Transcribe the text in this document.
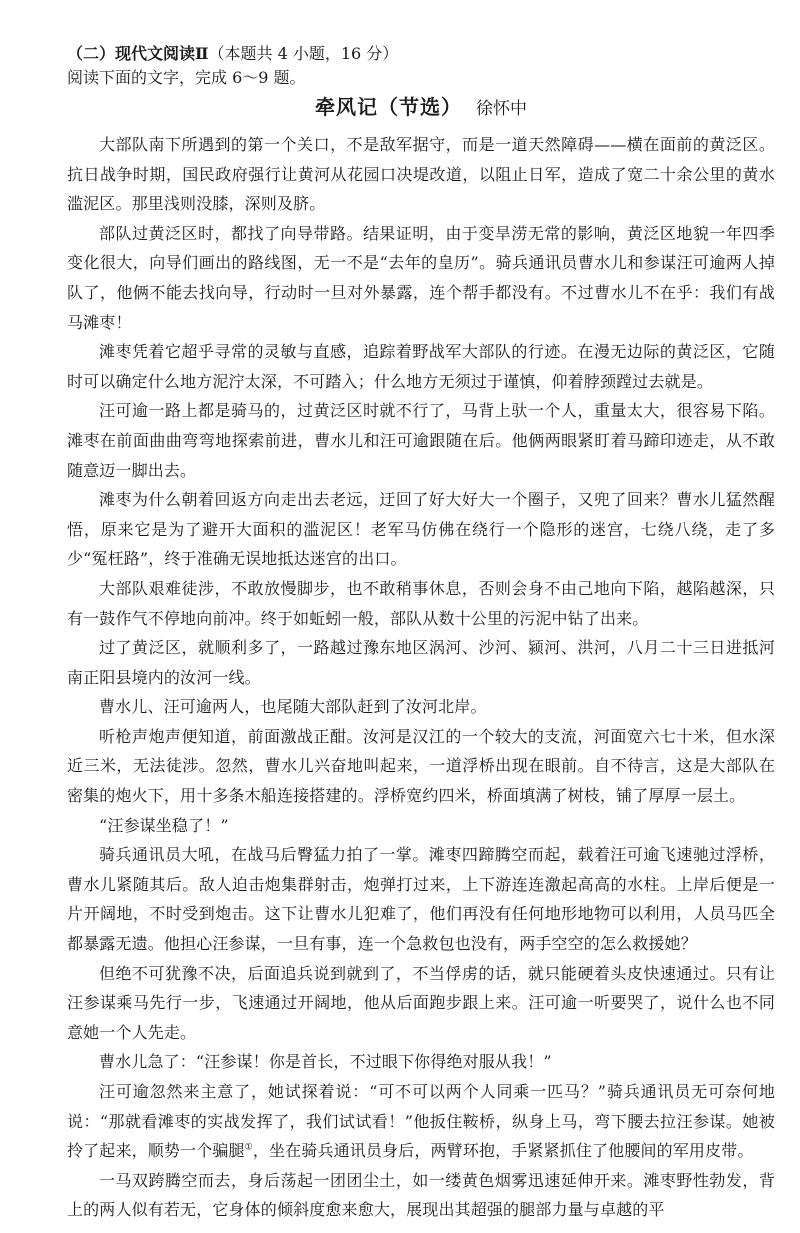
（二）现代文阅读Ⅱ（本题共 4 小题，16 分）

阅读下面的文字，完成 6～9 题。

牵风记（节选） 徐怀中

大部队南下所遇到的第一个关口，不是敌军据守，而是一道天然障碍——横在面前的黄泛区。抗日战争时期，国民政府强行让黄河从花园口决堤改道，以阻止日军，造成了宽二十余公里的黄水滥泥区。那里浅则没膝，深则及脐。

部队过黄泛区时，都找了向导带路。结果证明，由于变旱涝无常的影响，黄泛区地貌一年四季变化很大，向导们画出的路线图，无一不是“去年的皇历”。骑兵通讯员曹水儿和参谋汪可逾两人掉队了，他俩不能去找向导，行动时一旦对外暴露，连个帮手都没有。不过曹水儿不在乎：我们有战马滩枣！

滩枣凭着它超乎寻常的灵敏与直感，追踪着野战军大部队的行迹。在漫无边际的黄泛区，它随时可以确定什么地方泥泞太深，不可踏入；什么地方无须过于谨慎，仰着脖颈蹚过去就是。

汪可逾一路上都是骑马的，过黄泛区时就不行了，马背上驮一个人，重量太大，很容易下陷。滩枣在前面曲曲弯弯地探索前进，曹水儿和汪可逾跟随在后。他俩两眼紧盯着马蹄印迹走，从不敢随意迈一脚出去。

滩枣为什么朝着回返方向走出去老远，迂回了好大好大一个圈子，又兜了回来？曹水儿猛然醒悟，原来它是为了避开大面积的滥泥区！老军马仿佛在绕行一个隐形的迷宫，七绕八绕，走了多少“冤枉路”，终于准确无误地抵达迷宫的出口。

大部队艰难徒涉，不敢放慢脚步，也不敢稍事休息，否则会身不由己地向下陷，越陷越深，只有一鼓作气不停地向前冲。终于如蚯蚓一般，部队从数十公里的污泥中钻了出来。

过了黄泛区，就顺利多了，一路越过豫东地区涡河、沙河、颍河、洪河，八月二十三日进抵河南正阳县境内的汝河一线。

曹水儿、汪可逾两人，也尾随大部队赶到了汝河北岸。

听枪声炮声便知道，前面激战正酣。汝河是汉江的一个较大的支流，河面宽六七十米，但水深近三米，无法徒涉。忽然，曹水儿兴奋地叫起来，一道浮桥出现在眼前。自不待言，这是大部队在密集的炮火下，用十多条木船连接搭建的。浮桥宽约四米，桥面填满了树枝，铺了厚厚一层土。

“汪参谋坐稳了！”

骑兵通讯员大吼，在战马后臀猛力拍了一掌。滩枣四蹄腾空而起，载着汪可逾飞速驰过浮桥，曹水儿紧随其后。敌人迫击炮集群射击，炮弹打过来，上下游连连激起高高的水柱。上岸后便是一片开阔地，不时受到炮击。这下让曹水儿犯难了，他们再没有任何地形地物可以利用，人员马匹全都暴露无遗。他担心汪参谋，一旦有事，连一个急救包也没有，两手空空的怎么救援她？

但绝不可犹豫不决，后面追兵说到就到了，不当俘虏的话，就只能硬着头皮快速通过。只有让汪参谋乘马先行一步，飞速通过开阔地，他从后面跑步跟上来。汪可逾一听要哭了，说什么也不同意她一个人先走。

曹水儿急了：“汪参谋！你是首长，不过眼下你得绝对服从我！”

汪可逾忽然来主意了，她试探着说：“可不可以两个人同乘一匹马？”骑兵通讯员无可奈何地说：“那就看滩枣的实战发挥了，我们试试看！”他扳住鞍桥，纵身上马，弯下腰去拉汪参谋。她被拎了起来，顺势一个骗腿①，坐在骑兵通讯员身后，两臂环抱，手紧紧抓住了他腰间的军用皮带。

一马双跨腾空而去，身后荡起一团团尘土，如一缕黄色烟雾迅速延伸开来。滩枣野性勃发，背上的两人似有若无，它身体的倾斜度愈来愈大，展现出其超强的腿部力量与卓越的平
